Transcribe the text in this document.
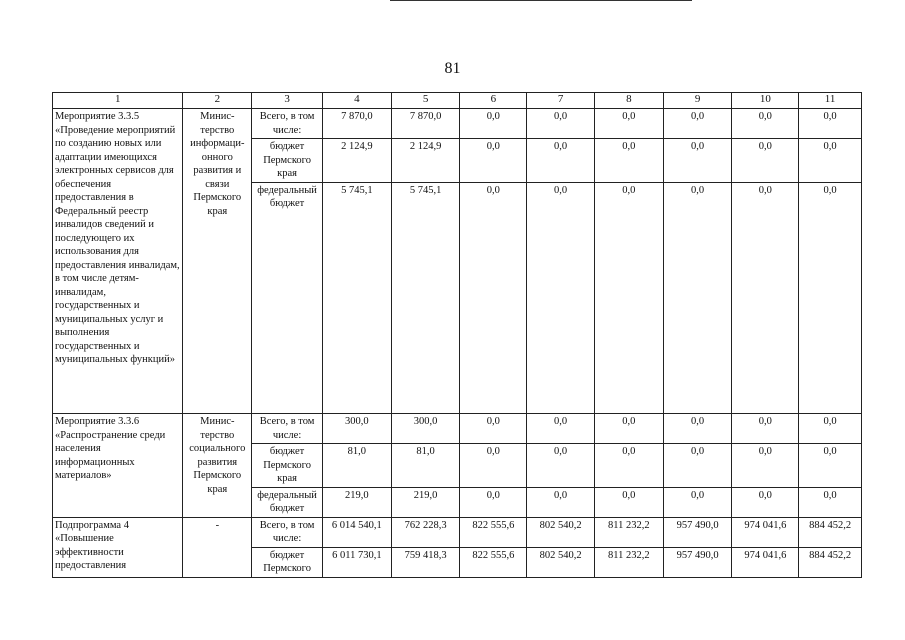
81
1	2	3	4	5	6	7	8	9	10	11
Мероприятие 3.3.5 «Проведение мероприятий по созданию новых или адаптации имеющихся электронных сервисов для обеспечения предоставления в Федеральный реестр инвалидов сведений и последующего их использования для предоставления инвалидам, в том числе детям-инвалидам, государственных и муниципальных услуг и выполнения государственных и муниципальных функций»	Минис-терство информаци-онного развития и связи Пермского края	Всего, в том числе:	7 870,0	7 870,0	0,0	0,0	0,0	0,0	0,0	0,0
		бюджет Пермского края	2 124,9	2 124,9	0,0	0,0	0,0	0,0	0,0	0,0
		федеральный бюджет	5 745,1	5 745,1	0,0	0,0	0,0	0,0	0,0	0,0
Мероприятие 3.3.6 «Распространение среди населения информационных материалов»	Минис-терство социального развития Пермского края	Всего, в том числе:	300,0	300,0	0,0	0,0	0,0	0,0	0,0	0,0
		бюджет Пермского края	81,0	81,0	0,0	0,0	0,0	0,0	0,0	0,0
		федеральный бюджет	219,0	219,0	0,0	0,0	0,0	0,0	0,0	0,0
Подпрограмма 4 «Повышение эффективности предоставления	-	Всего, в том числе:	6 014 540,1	762 228,3	822 555,6	802 540,2	811 232,2	957 490,0	974 041,6	884 452,2
		бюджет Пермского	6 011 730,1	759 418,3	822 555,6	802 540,2	811 232,2	957 490,0	974 041,6	884 452,2
